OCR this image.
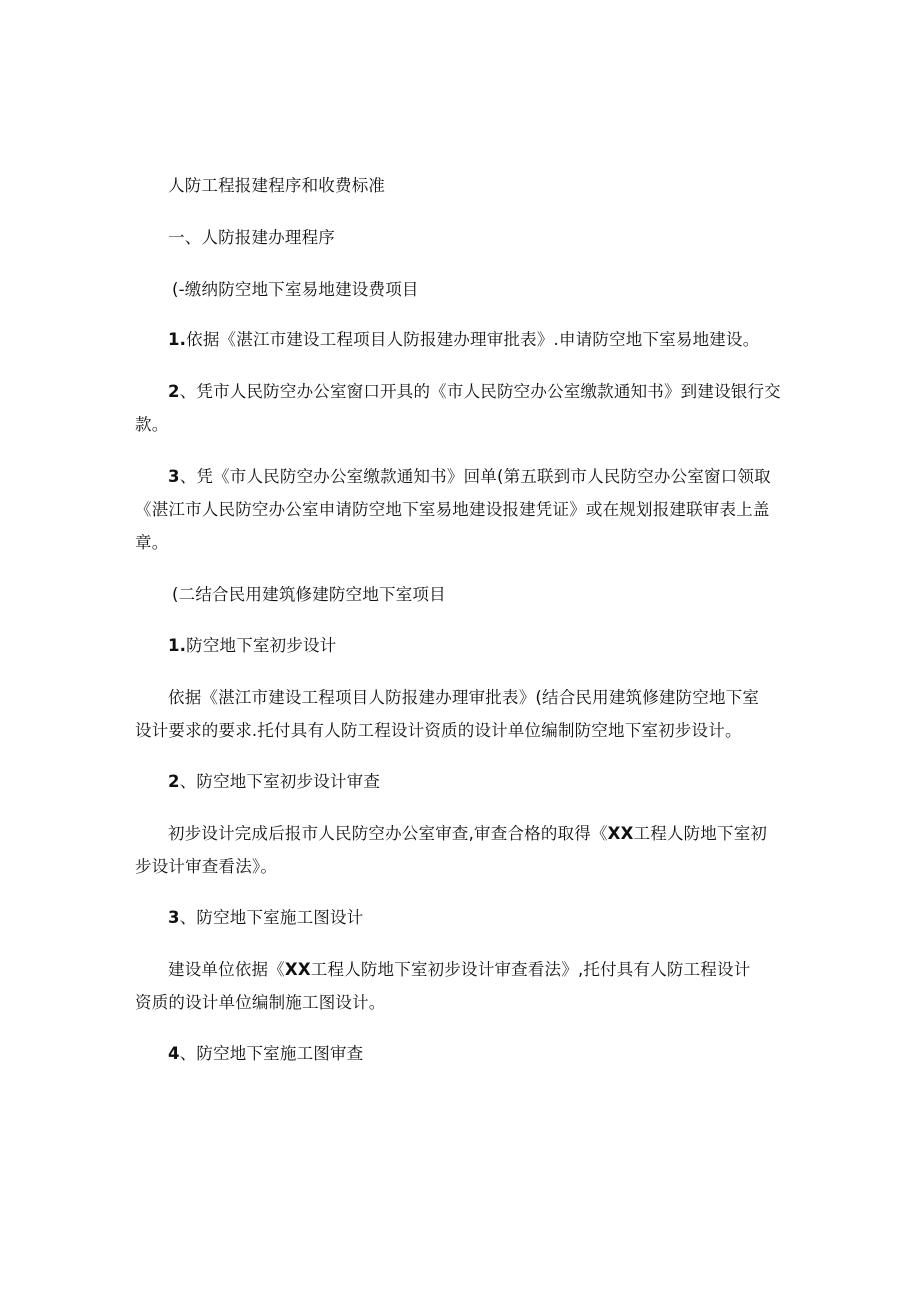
人防工程报建程序和收费标准
一、人防报建办理程序
(-缴纳防空地下室易地建设费项目
1.依据《湛江市建设工程项目人防报建办理审批表》.申请防空地下室易地建设。
2、凭市人民防空办公室窗口开具的《市人民防空办公室缴款通知书》到建设银行交
款。
3、凭《市人民防空办公室缴款通知书》回单(第五联到市人民防空办公室窗口领取
《湛江市人民防空办公室申请防空地下室易地建设报建凭证》或在规划报建联审表上盖
章。
(二结合民用建筑修建防空地下室项目
1.防空地下室初步设计
依据《湛江市建设工程项目人防报建办理审批表》(结合民用建筑修建防空地下室
设计要求的要求.托付具有人防工程设计资质的设计单位编制防空地下室初步设计。
2、防空地下室初步设计审查
初步设计完成后报市人民防空办公室审查,审查合格的取得《XX工程人防地下室初
步设计审查看法》。
3、防空地下室施工图设计
建设单位依据《XX工程人防地下室初步设计审查看法》,托付具有人防工程设计
资质的设计单位编制施工图设计。
4、防空地下室施工图审查
